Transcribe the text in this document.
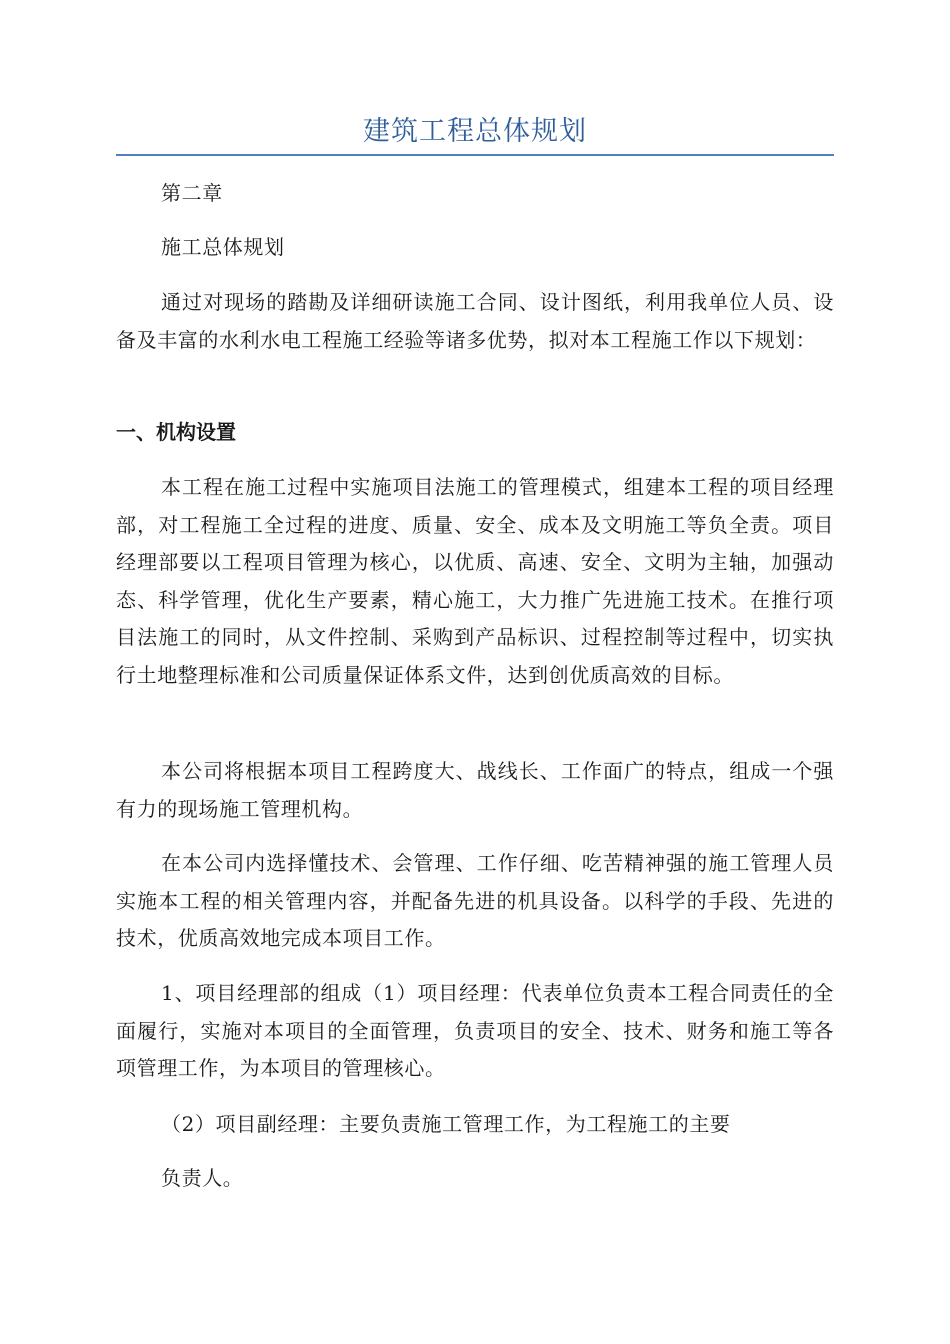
建筑工程总体规划

第二章

施工总体规划

通过对现场的踏勘及详细研读施工合同、设计图纸，利用我单位人员、设备及丰富的水利水电工程施工经验等诸多优势，拟对本工程施工作以下规划：

一、机构设置

本工程在施工过程中实施项目法施工的管理模式，组建本工程的项目经理部，对工程施工全过程的进度、质量、安全、成本及文明施工等负全责。项目经理部要以工程项目管理为核心，以优质、高速、安全、文明为主轴，加强动态、科学管理，优化生产要素，精心施工，大力推广先进施工技术。在推行项目法施工的同时，从文件控制、采购到产品标识、过程控制等过程中，切实执行土地整理标准和公司质量保证体系文件，达到创优质高效的目标。

本公司将根据本项目工程跨度大、战线长、工作面广的特点，组成一个强有力的现场施工管理机构。

在本公司内选择懂技术、会管理、工作仔细、吃苦精神强的施工管理人员实施本工程的相关管理内容，并配备先进的机具设备。以科学的手段、先进的技术，优质高效地完成本项目工作。

1、项目经理部的组成（1）项目经理：代表单位负责本工程合同责任的全面履行，实施对本项目的全面管理，负责项目的安全、技术、财务和施工等各项管理工作，为本项目的管理核心。

（2）项目副经理：主要负责施工管理工作，为工程施工的主要

负责人。
